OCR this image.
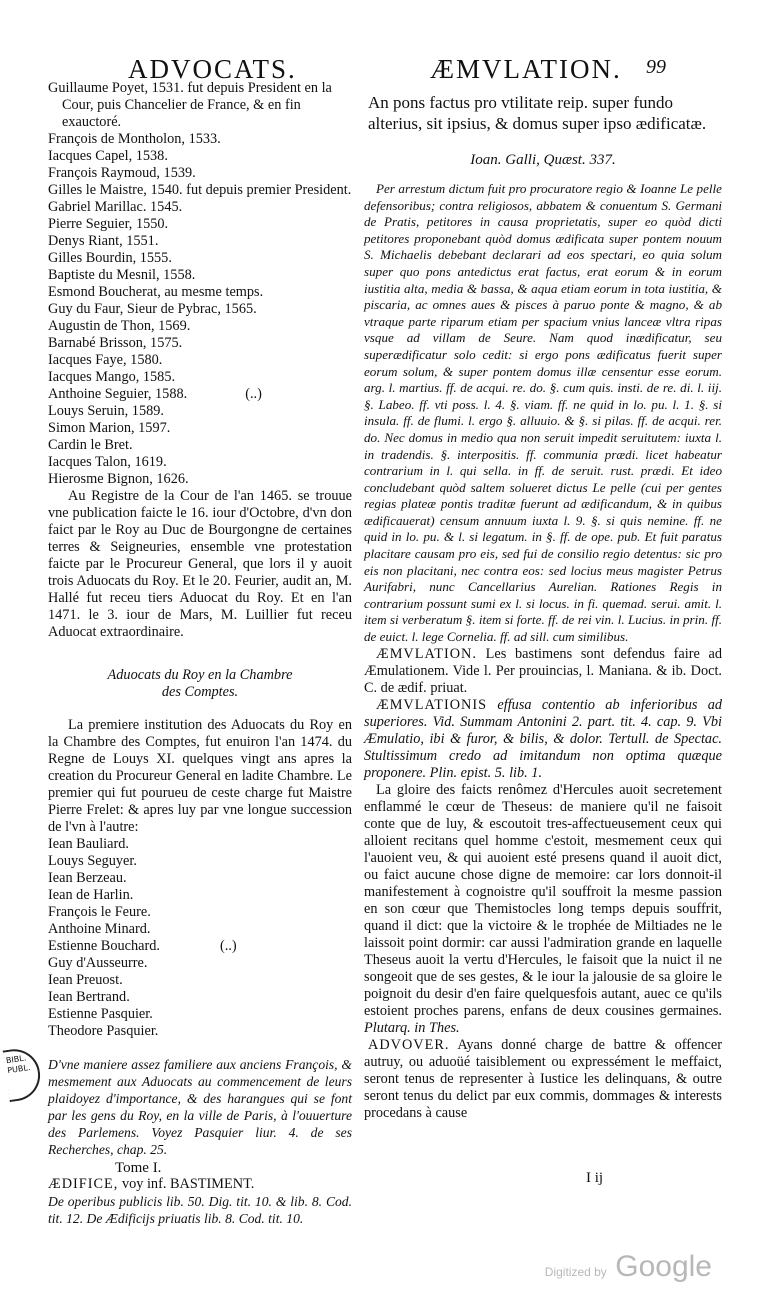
ADVOCATS.	ÆMVLATION. 99
Guillaume Poyet, 1531. fut depuis President en la Cour, puis Chancelier de France, & en fin exauctoré.
François de Montholon, 1533.
Iacques Capel, 1538.
François Raymoud, 1539.
Gilles le Maistre, 1540. fut depuis premier President.
Gabriel Marillac. 1545.
Pierre Seguier, 1550.
Denys Riant, 1551.
Gilles Bourdin, 1555.
Baptiste du Mesnil, 1558.
Esmond Boucherat, au mesme temps.
Guy du Faur, Sieur de Pybrac, 1565.
Augustin de Thon, 1569.
Barnabé Brisson, 1575.
Iacques Faye, 1580.
Iacques Mango, 1585.
Anthoine Seguier, 1588.	(..)
Louys Seruin, 1589.
Simon Marion, 1597.
Cardin le Bret.
Iacques Talon, 1619.
Hierosme Bignon, 1626.

Au Registre de la Cour de l'an 1465. se trouue vne publication faicte le 16. iour d'Octobre, d'vn don faict par le Roy au Duc de Bourgongne de certaines terres & Seigneuries, ensemble vne protestation faicte par le Procureur General, que lors il y auoit trois Aduocats du Roy. Et le 20. Feurier, audit an, M. Hallé fut receu tiers Aduocat du Roy. Et en l'an 1471. le 3. iour de Mars, M. Luillier fut receu Aduocat extraordinaire.

Aduocats du Roy en la Chambre
des Comptes.

La premiere institution des Aduocats du Roy en la Chambre des Comptes, fut enuiron l'an 1474. du Regne de Louys XI. quelques vingt ans apres la creation du Procureur General en ladite Chambre. Le premier qui fut pourueu de ceste charge fut Maistre Pierre Frelet: & apres luy par vne longue succession de l'vn à l'autre:

Iean Bauliard.
Louys Seguyer.
Iean Berzeau.
Iean de Harlin.
François le Feure.
Anthoine Minard.
Estienne Bouchard.	(..)
Guy d'Ausseurre.
Iean Preuost.
Iean Bertrand.
Estienne Pasquier.
Theodore Pasquier.

D'vne maniere assez familiere aux anciens François, & mesmement aux Aduocats au commencement de leurs plaidoyez d'importance, & des harangues qui se font par les gens du Roy, en la ville de Paris, à l'ouuerture des Parlemens. Voyez Pasquier liur. 4. de ses Recherches, chap. 25.

ÆDIFICE, voy inf. BASTIMENT.
De operibus publicis lib. 50. Dig. tit. 10. & lib. 8. Cod. tit. 12. De Ædificijs priuatis lib. 8. Cod. tit. 10.
Tome I.
An pons factus pro vtilitate reip. super fundo alterius, sit ipsius, & domus super ipso ædificatæ.
Ioan. Galli, Quæst. 337.

Per arrestum dictum fuit pro procuratore regio & Ioanne Le pelle defensoribus; contra religiosos, abbatem & conuentum S. Germani de Pratis, petitores in causa proprietatis, super eo quòd dicti petitores proponebant quòd domus ædificata super pontem nouum S. Michaelis debebant declarari ad eos spectari, eo quia solum super quo pons antedictus erat factus, erat eorum & in eorum iustitia alta, media & bassa, & aqua etiam eorum in tota iustitia, & piscaria, ac omnes aues & pisces à paruo ponte & magno, & ab vtraque parte riparum etiam per spacium vnius lanceæ vltra ripas vsque ad villam de Seure. Nam quod inædificatur, seu superædificatur solo cedit: si ergo pons ædificatus fuerit super eorum solum, & super pontem domus illæ censentur esse eorum. arg. l. martius. ff. de acqui. re. do. §. cum quis. insti. de re. di. l. iij. §. Labeo. ff. vti poss. l. 4. §. viam. ff. ne quid in lo. pu. l. 1. §. si insula. ff. de flumi. l. ergo §. alluuio. & §. si pilas. ff. de acqui. rer. do. Nec domus in medio qua non seruit impedit seruitutem: iuxta l. in tradendis. §. interpositis. ff. communia prædi. licet habeatur contrarium in l. qui sella. in ff. de seruit. rust. prædi. Et ideo concludebant quòd saltem solueret dictus Le pelle (cui per gentes regias plateæ pontis traditæ fuerunt ad ædificandum, & in quibus ædificauerat) censum annuum iuxta l. 9. §. si quis nemine. ff. ne quid in lo. pu. & l. si legatum. in §. ff. de ope. pub. Et fuit paratus placitare causam pro eis, sed fui de consilio regio detentus: sic pro eis non placitani, nec contra eos: sed locius meus magister Petrus Aurifabri, nunc Cancellarius Aurelian. Rationes Regis in contrarium possunt sumi ex l. si locus. in fi. quemad. serui. amit. l. item si verberatum §. item si forte. ff. de rei vin. l. Lucius. in prin. ff. de euict. l. lege Cornelia. ff. ad sill. cum similibus.

ÆMVLATION. Les bastimens sont defendus faire ad Æmulationem. Vide l. Per prouincias, l. Maniana. & ib. Doct. C. de ædif. priuat.
ÆMVLATIONIS effusa contentio ab inferioribus ad superiores. Vid. Summam Antonini 2. part. tit. 4. cap. 9. Vbi Æmulatio, ibi & furor, & bilis, & dolor. Tertull. de Spectac. Stultissimum credo ad imitandum non optima quæque proponere. Plin. epist. 5. lib. 1.

La gloire des faicts renômez d'Hercules auoit secretement enflammé le cœur de Theseus: de maniere qu'il ne faisoit conte que de luy, & escoutoit tres-affectueusement ceux qui alloient recitans quel homme c'estoit, mesmement ceux qui l'auoient veu, & qui auoient esté presens quand il auoit dict, ou faict aucune chose digne de memoire: car lors donnoit-il manifestement à cognoistre qu'il souffroit la mesme passion en son cœur que Themistocles long temps depuis souffrit, quand il dict: que la victoire & le trophée de Miltiades ne le laissoit point dormir: car aussi l'admiration grande en laquelle Theseus auoit la vertu d'Hercules, le faisoit que la nuict il ne songeoit que de ses gestes, & le iour la jalousie de sa gloire le poignoit du desir d'en faire quelquesfois autant, auec ce qu'ils estoient proches parens, enfans de deux cousines germaines. Plutarq. in Thes.

ADVOVER. Ayans donné charge de battre & offencer autruy, ou aduoüé taisiblement ou expressément le meffaict, seront tenus de representer à Iustice les delinquans, & outre seront tenus du delict par eux commis, dommages & interests procedans à cause

I ij
BIBL. PUBL.
Digitized by Google
